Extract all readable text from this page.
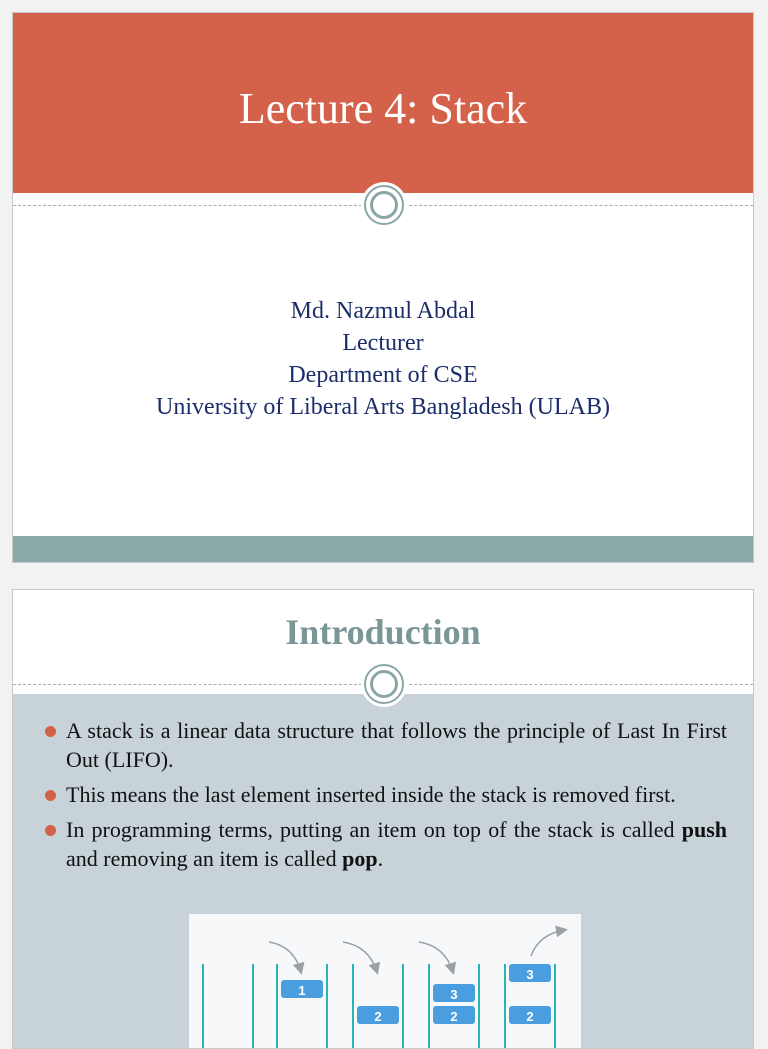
Lecture 4: Stack
Md. Nazmul Abdal
Lecturer
Department of CSE
University of Liberal Arts Bangladesh (ULAB)
Introduction
A stack is a linear data structure that follows the principle of Last In First Out (LIFO).
This means the last element inserted inside the stack is removed first.
In programming terms, putting an item on top of the stack is called push and removing an item is called pop.
1
2
3
2	2
3
